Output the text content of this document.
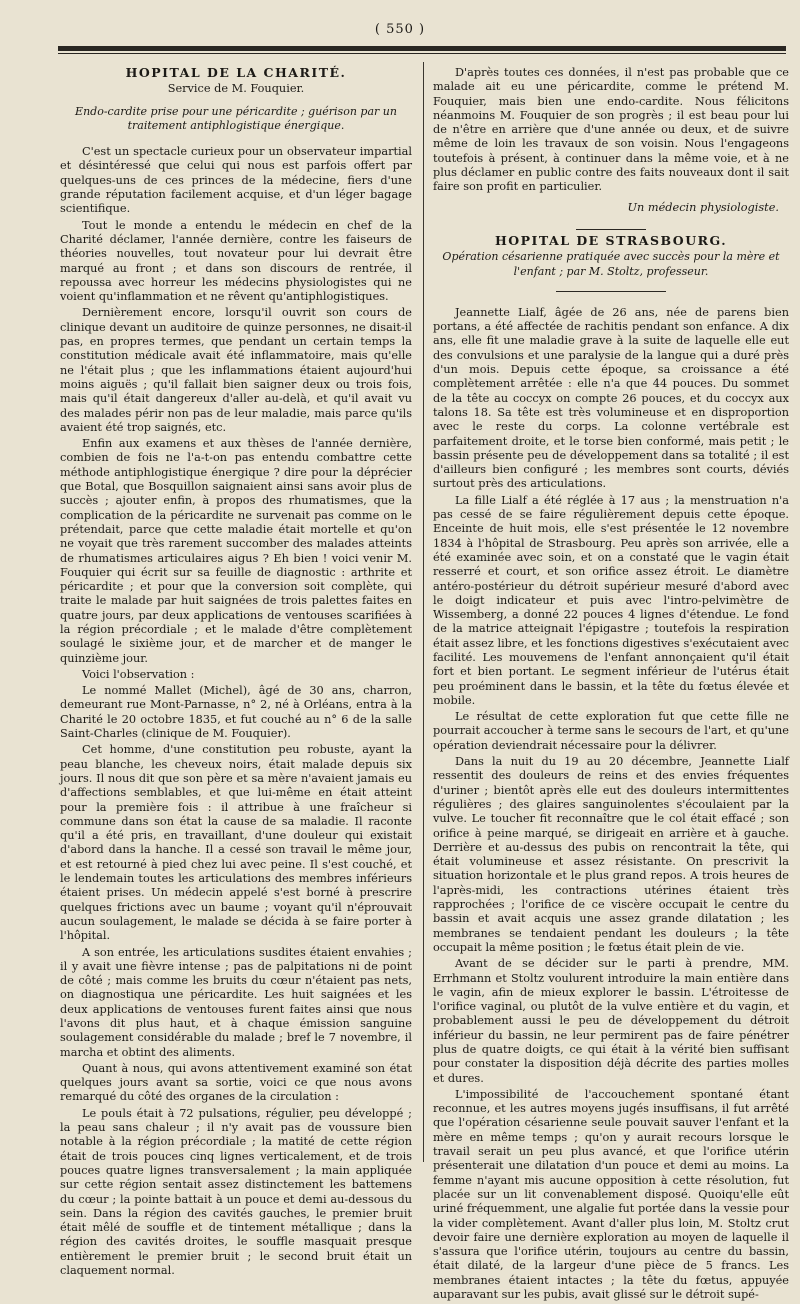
( 550 )

HOPITAL DE LA CHARITÉ.

Service de M. Fouquier.

Endo-cardite prise pour une péricardite ; guérison par un traitement antiphlogistique énergique.

C'est un spectacle curieux pour un observateur impartial et désintéressé que celui qui nous est parfois offert par quelques-uns de ces princes de la médecine, fiers d'une grande réputation facilement acquise, et d'un léger bagage scientifique.

Tout le monde a entendu le médecin en chef de la Charité déclamer, l'année dernière, contre les faiseurs de théories nouvelles, tout novateur pour lui devrait être marqué au front ; et dans son discours de rentrée, il repoussa avec horreur les médecins physiologistes qui ne voient qu'inflammation et ne rêvent qu'antiphlogistiques.

Dernièrement encore, lorsqu'il ouvrit son cours de clinique devant un auditoire de quinze personnes, ne disait-il pas, en propres termes, que pendant un certain temps la constitution médicale avait été inflammatoire, mais qu'elle ne l'était plus ; que les inflammations étaient aujourd'hui moins aiguës ; qu'il fallait bien saigner deux ou trois fois, mais qu'il était dangereux d'aller au-delà, et qu'il avait vu des malades périr non pas de leur maladie, mais parce qu'ils avaient été trop saignés, etc.

Enfin aux examens et aux thèses de l'année dernière, combien de fois ne l'a-t-on pas entendu combattre cette méthode antiphlogistique énergique ? dire pour la déprécier que Botal, que Bosquillon saignaient ainsi sans avoir plus de succès ; ajouter enfin, à propos des rhumatismes, que la complication de la péricardite ne survenait pas comme on le prétendait, parce que cette maladie était mortelle et qu'on ne voyait que très rarement succomber des malades atteints de rhumatismes articulaires aigus ? Eh bien ! voici venir M. Fouquier qui écrit sur sa feuille de diagnostic : arthrite et péricardite ; et pour que la conversion soit complète, qui traite le malade par huit saignées de trois palettes faites en quatre jours, par deux applications de ventouses scarifiées à la région précordiale ; et le malade d'être complètement soulagé le sixième jour, et de marcher et de manger le quinzième jour.

Voici l'observation :

Le nommé Mallet (Michel), âgé de 30 ans, charron, demeurant rue Mont-Parnasse, n° 2, né à Orléans, entra à la Charité le 20 octobre 1835, et fut couché au n° 6 de la salle Saint-Charles (clinique de M. Fouquier).

Cet homme, d'une constitution peu robuste, ayant la peau blanche, les cheveux noirs, était malade depuis six jours. Il nous dit que son père et sa mère n'avaient jamais eu d'affections semblables, et que lui-même en était atteint pour la première fois : il attribue à une fraîcheur si commune dans son état la cause de sa maladie. Il raconte qu'il a été pris, en travaillant, d'une douleur qui existait d'abord dans la hanche. Il a cessé son travail le même jour, et est retourné à pied chez lui avec peine. Il s'est couché, et le lendemain toutes les articulations des membres inférieurs étaient prises. Un médecin appelé s'est borné à prescrire quelques frictions avec un baume ; voyant qu'il n'éprouvait aucun soulagement, le malade se décida à se faire porter à l'hôpital.

A son entrée, les articulations susdites étaient envahies ; il y avait une fièvre intense ; pas de palpitations ni de point de côté ; mais comme les bruits du cœur n'étaient pas nets, on diagnostiqua une péricardite. Les huit saignées et les deux applications de ventouses furent faites ainsi que nous l'avons dit plus haut, et à chaque émission sanguine soulagement considérable du malade ; bref le 7 novembre, il marcha et obtint des aliments.

Quant à nous, qui avons attentivement examiné son état quelques jours avant sa sortie, voici ce que nous avons remarqué du côté des organes de la circulation :

Le pouls était à 72 pulsations, régulier, peu développé ; la peau sans chaleur ; il n'y avait pas de voussure bien notable à la région précordiale ; la matité de cette région était de trois pouces cinq lignes verticalement, et de trois pouces quatre lignes transversalement ; la main appliquée sur cette région sentait assez distinctement les battemens du cœur ; la pointe battait à un pouce et demi au-dessous du sein. Dans la région des cavités gauches, le premier bruit était mêlé de souffle et de tintement métallique ; dans la région des cavités droites, le souffle masquait presque entièrement le premier bruit ; le second bruit était un claquement normal.

D'après toutes ces données, il n'est pas probable que ce malade ait eu une péricardite, comme le prétend M. Fouquier, mais bien une endo-cardite. Nous félicitons néanmoins M. Fouquier de son progrès ; il est beau pour lui de n'être en arrière que d'une année ou deux, et de suivre même de loin les travaux de son voisin. Nous l'engageons toutefois à présent, à continuer dans la même voie, et à ne plus déclamer en public contre des faits nouveaux dont il sait faire son profit en particulier.

Un médecin physiologiste.

HOPITAL DE STRASBOURG.

Opération césarienne pratiquée avec succès pour la mère et l'enfant ; par M. Stoltz, professeur.

Jeannette Lialf, âgée de 26 ans, née de parens bien portans, a été affectée de rachitis pendant son enfance. A dix ans, elle fit une maladie grave à la suite de laquelle elle eut des convulsions et une paralysie de la langue qui a duré près d'un mois. Depuis cette époque, sa croissance a été complètement arrêtée : elle n'a que 44 pouces. Du sommet de la tête au coccyx on compte 26 pouces, et du coccyx aux talons 18. Sa tête est très volumineuse et en disproportion avec le reste du corps. La colonne vertébrale est parfaitement droite, et le torse bien conformé, mais petit ; le bassin présente peu de développement dans sa totalité ; il est d'ailleurs bien configuré ; les membres sont courts, déviés surtout près des articulations.

La fille Lialf a été réglée à 17 aus ; la menstruation n'a pas cessé de se faire régulièrement depuis cette époque. Enceinte de huit mois, elle s'est présentée le 12 novembre 1834 à l'hôpital de Strasbourg. Peu après son arrivée, elle a été examinée avec soin, et on a constaté que le vagin était resserré et court, et son orifice assez étroit. Le diamètre antéro-postérieur du détroit supérieur mesuré d'abord avec le doigt indicateur et puis avec l'intro-pelvimètre de Wissemberg, a donné 22 pouces 4 lignes d'étendue. Le fond de la matrice atteignait l'épigastre ; toutefois la respiration était assez libre, et les fonctions digestives s'exécutaient avec facilité. Les mouvemens de l'enfant annonçaient qu'il était fort et bien portant. Le segment inférieur de l'utérus était peu proéminent dans le bassin, et la tête du fœtus élevée et mobile.

Le résultat de cette exploration fut que cette fille ne pourrait accoucher à terme sans le secours de l'art, et qu'une opération deviendrait nécessaire pour la délivrer.

Dans la nuit du 19 au 20 décembre, Jeannette Lialf ressentit des douleurs de reins et des envies fréquentes d'uriner ; bientôt après elle eut des douleurs intermittentes régulières ; des glaires sanguinolentes s'écoulaient par la vulve. Le toucher fit reconnaître que le col était effacé ; son orifice à peine marqué, se dirigeait en arrière et à gauche. Derrière et au-dessus des pubis on rencontrait la tête, qui était volumineuse et assez résistante. On prescrivit la situation horizontale et le plus grand repos. A trois heures de l'après-midi, les contractions utérines étaient très rapprochées ; l'orifice de ce viscère occupait le centre du bassin et avait acquis une assez grande dilatation ; les membranes se tendaient pendant les douleurs ; la tête occupait la même position ; le fœtus était plein de vie.

Avant de se décider sur le parti à prendre, MM. Errhmann et Stoltz voulurent introduire la main entière dans le vagin, afin de mieux explorer le bassin. L'étroitesse de l'orifice vaginal, ou plutôt de la vulve entière et du vagin, et probablement aussi le peu de développement du détroit inférieur du bassin, ne leur permirent pas de faire pénétrer plus de quatre doigts, ce qui était à la vérité bien suffisant pour constater la disposition déjà décrite des parties molles et dures.

L'impossibilité de l'accouchement spontané étant reconnue, et les autres moyens jugés insuffisans, il fut arrêté que l'opération césarienne seule pouvait sauver l'enfant et la mère en même temps ; qu'on y aurait recours lorsque le travail serait un peu plus avancé, et que l'orifice utérin présenterait une dilatation d'un pouce et demi au moins. La femme n'ayant mis aucune opposition à cette résolution, fut placée sur un lit convenablement disposé. Quoiqu'elle eût uriné fréquemment, une algalie fut portée dans la vessie pour la vider complètement. Avant d'aller plus loin, M. Stoltz crut devoir faire une dernière exploration au moyen de laquelle il s'assura que l'orifice utérin, toujours au centre du bassin, était dilaté, de la largeur d'une pièce de 5 francs. Les membranes étaient intactes ; la tête du fœtus, appuyée auparavant sur les pubis, avait glissé sur le détroit supé-
